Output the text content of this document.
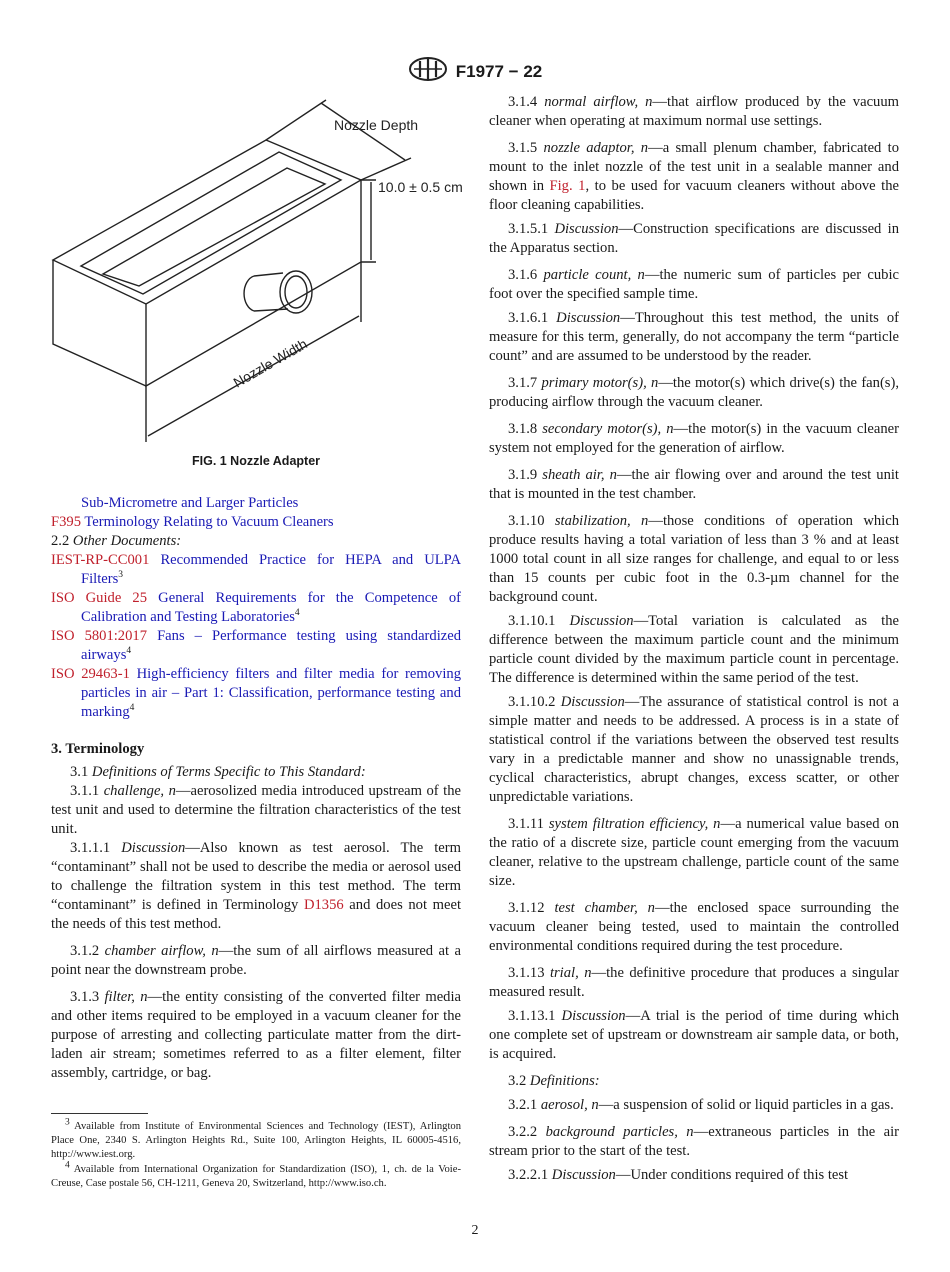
F1977 − 22
Nozzle Depth
10.0 ± 0.5 cm
Nozzle Width
FIG. 1 Nozzle Adapter

Sub-Micrometre and Larger Particles

F395 Terminology Relating to Vacuum Cleaners

2.2 Other Documents:

IEST-RP-CC001 Recommended Practice for HEPA and ULPA Filters$^3$

ISO Guide 25 General Requirements for the Competence of Calibration and Testing Laboratories$^4$

ISO 5801:2017 Fans – Performance testing using standardized airways$^4$

ISO 29463-1 High-efficiency filters and filter media for removing particles in air – Part 1: Classification, performance testing and marking$^4$

3. Terminology

3.1 Definitions of Terms Specific to This Standard:

3.1.1 challenge, n—aerosolized media introduced upstream of the test unit and used to determine the filtration characteristics of the test unit.

3.1.1.1 Discussion—Also known as test aerosol. The term “contaminant” shall not be used to describe the media or aerosol used to challenge the filtration system in this test method. The term “contaminant” is defined in Terminology D1356 and does not meet the needs of this test method.

3.1.2 chamber airflow, n—the sum of all airflows measured at a point near the downstream probe.

3.1.3 filter, n—the entity consisting of the converted filter media and other items required to be employed in a vacuum cleaner for the purpose of arresting and collecting particulate matter from the dirt-laden air stream; sometimes referred to as a filter element, filter assembly, cartridge, or bag.

$^3$ Available from Institute of Environmental Sciences and Technology (IEST), Arlington Place One, 2340 S. Arlington Heights Rd., Suite 100, Arlington Heights, IL 60005-4516, http://www.iest.org.

$^4$ Available from International Organization for Standardization (ISO), 1, ch. de la Voie-Creuse, Case postale 56, CH-1211, Geneva 20, Switzerland, http://www.iso.ch.

3.1.4 normal airflow, n—that airflow produced by the vacuum cleaner when operating at maximum normal use settings.

3.1.5 nozzle adaptor, n—a small plenum chamber, fabricated to mount to the inlet nozzle of the test unit in a sealable manner and shown in Fig. 1, to be used for vacuum cleaners without above the floor cleaning capabilities.

3.1.5.1 Discussion—Construction specifications are discussed in the Apparatus section.

3.1.6 particle count, n—the numeric sum of particles per cubic foot over the specified sample time.

3.1.6.1 Discussion—Throughout this test method, the units of measure for this term, generally, do not accompany the term “particle count” and are assumed to be understood by the reader.

3.1.7 primary motor(s), n—the motor(s) which drive(s) the fan(s), producing airflow through the vacuum cleaner.

3.1.8 secondary motor(s), n—the motor(s) in the vacuum cleaner system not employed for the generation of airflow.

3.1.9 sheath air, n—the air flowing over and around the test unit that is mounted in the test chamber.

3.1.10 stabilization, n—those conditions of operation which produce results having a total variation of less than 3 % and at least 1000 total count in all size ranges for challenge, and equal to or less than 15 counts per cubic foot in the 0.3-µm channel for the background count.

3.1.10.1 Discussion—Total variation is calculated as the difference between the maximum particle count and the minimum particle count divided by the maximum particle count in percentage. The difference is determined within the same period of the test.

3.1.10.2 Discussion—The assurance of statistical control is not a simple matter and needs to be addressed. A process is in a state of statistical control if the variations between the observed test results vary in a predictable manner and show no unassignable trends, cyclical characteristics, abrupt changes, excess scatter, or other unpredictable variations.

3.1.11 system filtration efficiency, n—a numerical value based on the ratio of a discrete size, particle count emerging from the vacuum cleaner, relative to the upstream challenge, particle count of the same size.

3.1.12 test chamber, n—the enclosed space surrounding the vacuum cleaner being tested, used to maintain the controlled environmental conditions required during the test procedure.

3.1.13 trial, n—the definitive procedure that produces a singular measured result.

3.1.13.1 Discussion—A trial is the period of time during which one complete set of upstream or downstream air sample data, or both, is acquired.

3.2 Definitions:

3.2.1 aerosol, n—a suspension of solid or liquid particles in a gas.

3.2.2 background particles, n—extraneous particles in the air stream prior to the start of the test.

3.2.2.1 Discussion—Under conditions required of this test

2
